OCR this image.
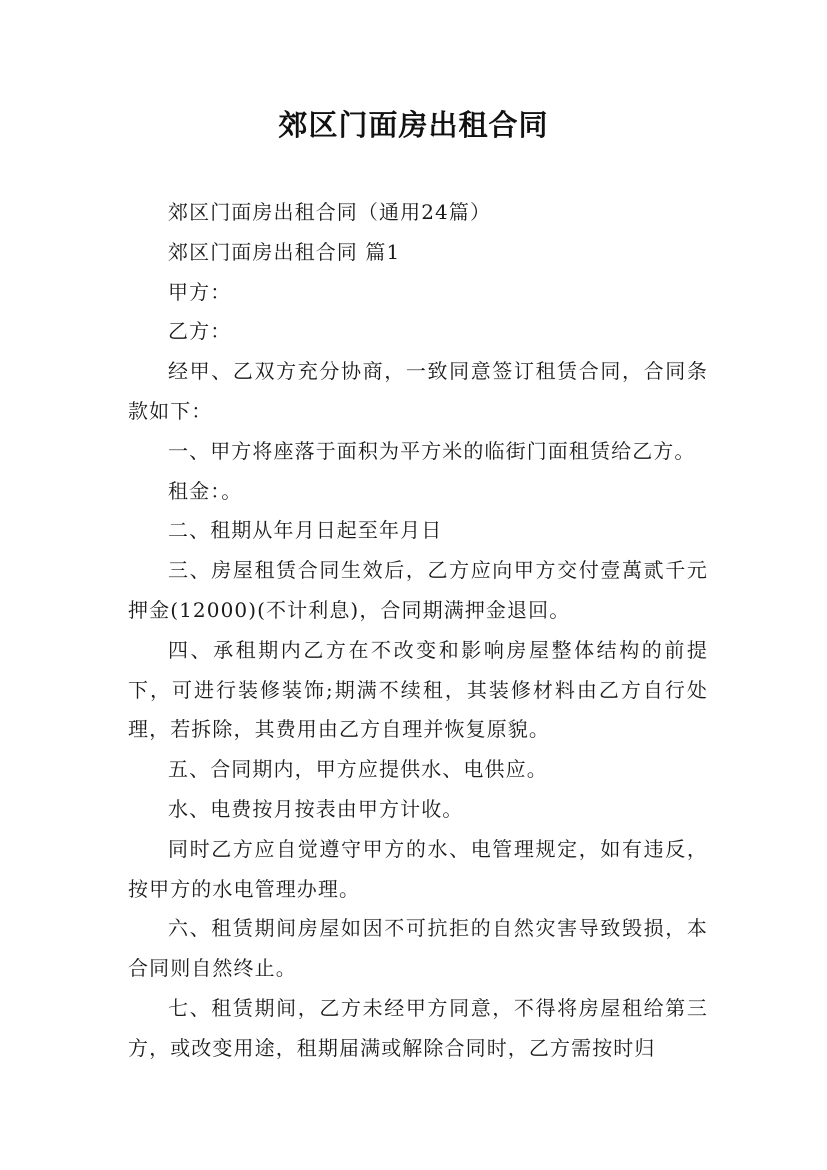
郊区门面房出租合同

郊区门面房出租合同（通用24篇）

郊区门面房出租合同 篇1

甲方：

乙方：

经甲、乙双方充分协商，一致同意签订租赁合同，合同条款如下：

一、甲方将座落于面积为平方米的临街门面租赁给乙方。

租金：。

二、租期从年月日起至年月日

三、房屋租赁合同生效后，乙方应向甲方交付壹萬贰千元押金(12000)(不计利息)，合同期满押金退回。

四、承租期内乙方在不改变和影响房屋整体结构的前提下，可进行装修装饰;期满不续租，其装修材料由乙方自行处理，若拆除，其费用由乙方自理并恢复原貌。

五、合同期内，甲方应提供水、电供应。

水、电费按月按表由甲方计收。

同时乙方应自觉遵守甲方的水、电管理规定，如有违反，按甲方的水电管理办理。

六、租赁期间房屋如因不可抗拒的自然灾害导致毁损，本合同则自然终止。

七、租赁期间，乙方未经甲方同意，不得将房屋租给第三方，或改变用途，租期届满或解除合同时，乙方需按时归
